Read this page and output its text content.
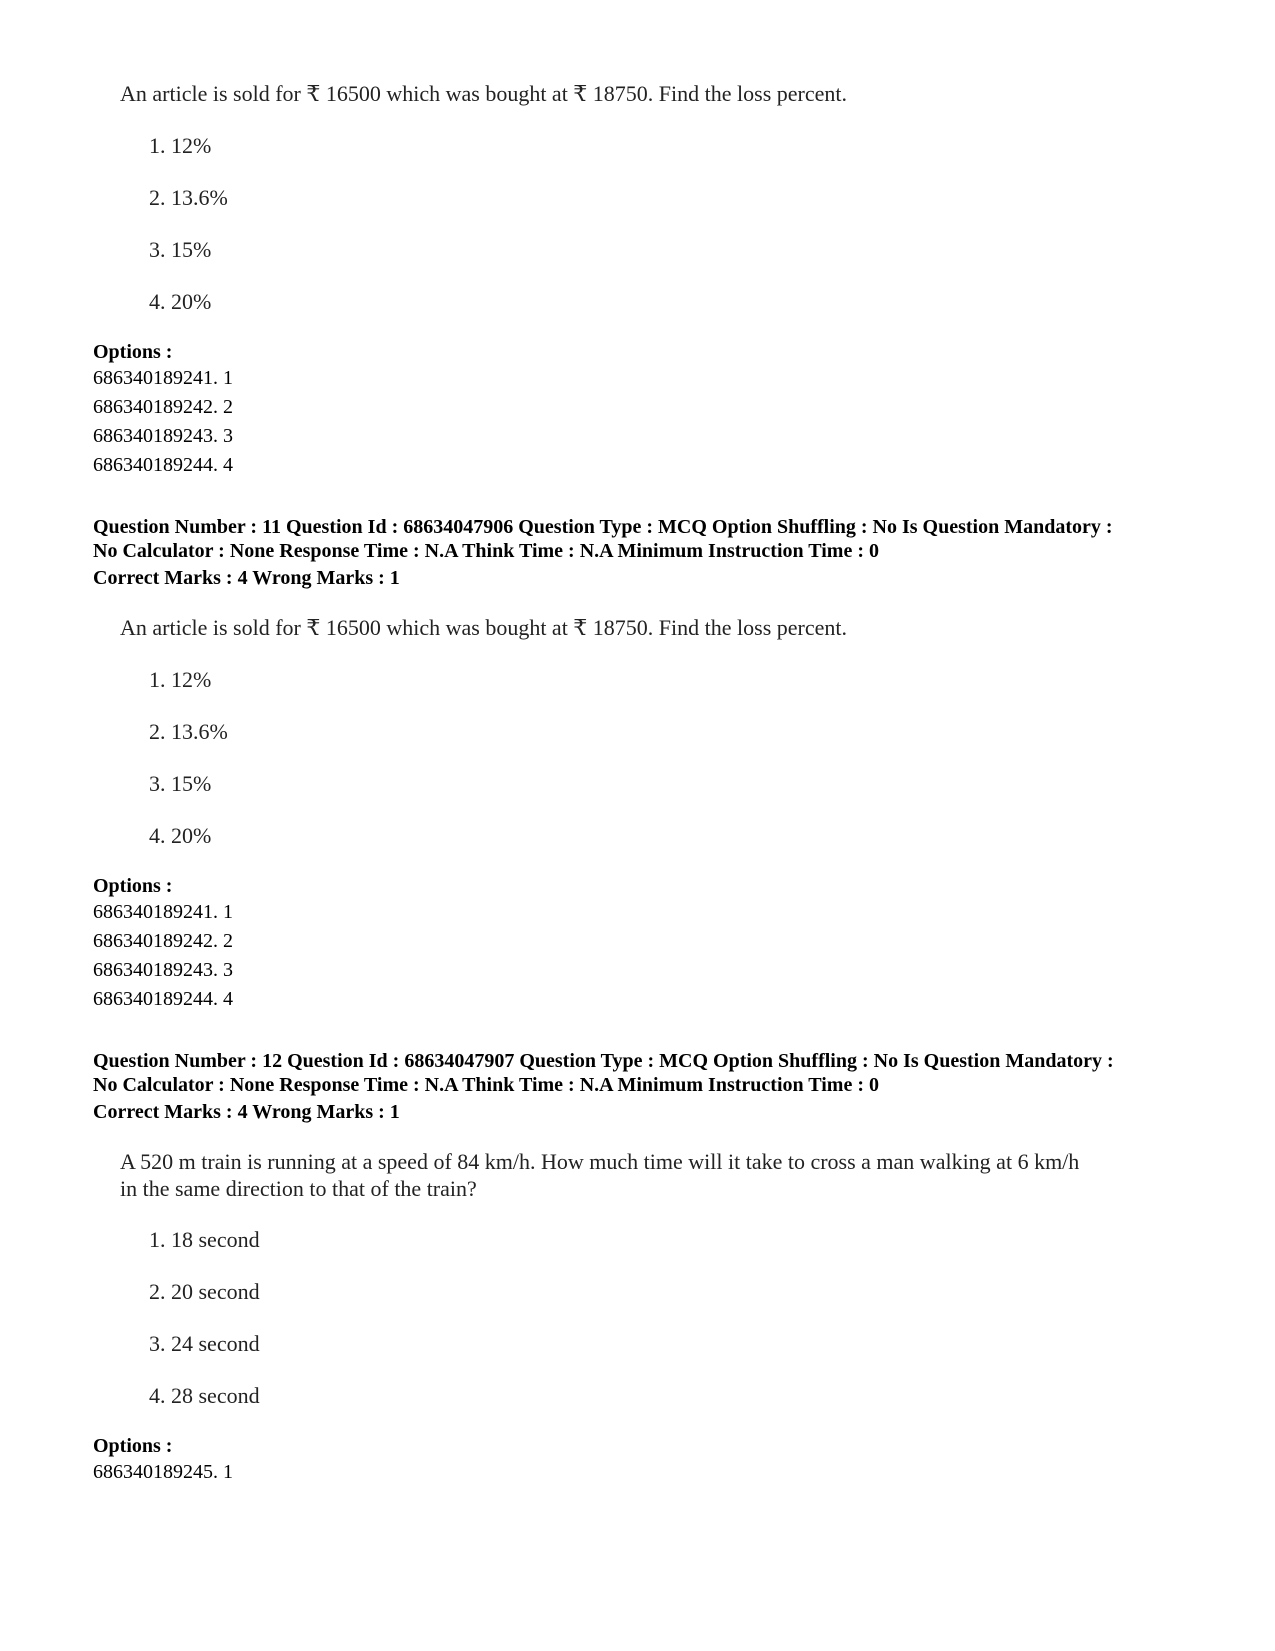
An article is sold for ₹ 16500 which was bought at ₹ 18750. Find the loss percent.

1. 12%

2. 13.6%

3. 15%

4. 20%

Options :

686340189241. 1
686340189242. 2
686340189243. 3
686340189244. 4

Question Number : 11 Question Id : 68634047906 Question Type : MCQ Option Shuffling : No Is Question Mandatory :

No Calculator : None Response Time : N.A Think Time : N.A Minimum Instruction Time : 0

Correct Marks : 4 Wrong Marks : 1

An article is sold for ₹ 16500 which was bought at ₹ 18750. Find the loss percent.

1. 12%

2. 13.6%

3. 15%

4. 20%

Options :

686340189241. 1
686340189242. 2
686340189243. 3
686340189244. 4

Question Number : 12 Question Id : 68634047907 Question Type : MCQ Option Shuffling : No Is Question Mandatory :

No Calculator : None Response Time : N.A Think Time : N.A Minimum Instruction Time : 0

Correct Marks : 4 Wrong Marks : 1

A 520 m train is running at a speed of 84 km/h. How much time will it take to cross a man walking at 6 km/h

in the same direction to that of the train?

1. 18 second

2. 20 second

3. 24 second

4. 28 second

Options :

686340189245. 1
